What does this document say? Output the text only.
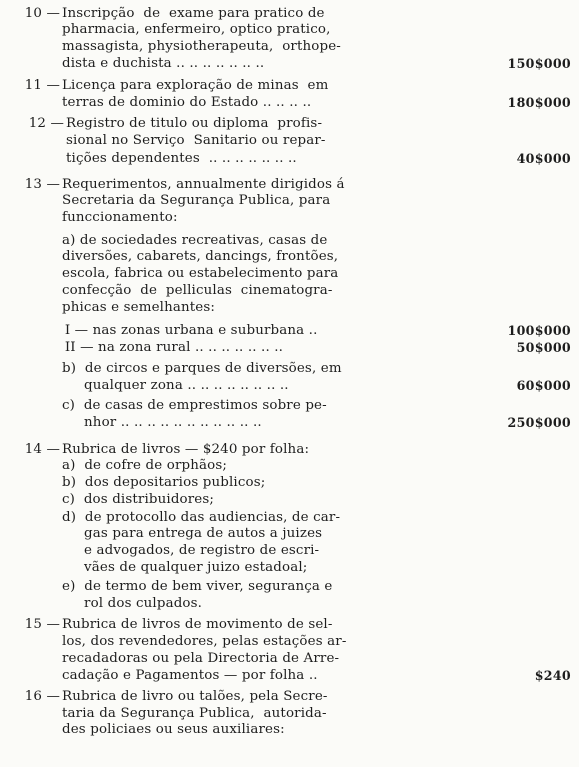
10 — Inscripção  de  exame para pratico de
pharmacia, enfermeiro, optico pratico,
massagista, physiotherapeuta,  orthope-
dista e duchista .. .. .. .. .. .. ..	150$000
11 — Licença para exploração de minas  em
terras de dominio do Estado .. .. .. ..	180$000
12 — Registro de titulo ou diploma  profis-
sional no Serviço  Sanitario ou repar-
tições dependentes  .. .. .. .. .. .. ..	40$000
13 — Requerimentos, annualmente dirigidos á
Secretaria da Segurança Publica, para
funccionamento:
a) de sociedades recreativas, casas de
diversões, cabarets, dancings, frontões,
escola, fabrica ou estabelecimento para
confecção  de  pelliculas  cinematogra-
phicas e semelhantes:
I — nas zonas urbana e suburbana ..	100$000
II — na zona rural .. .. .. .. .. .. ..	50$000
b)  de circos e parques de diversões, em
qualquer zona .. .. .. .. .. .. .. ..	60$000
c)  de casas de emprestimos sobre pe-
nhor .. .. .. .. .. .. .. .. .. .. ..	250$000
14 — Rubrica de livros — $240 por folha:
a)  de cofre de orphãos;
b)  dos depositarios publicos;
c)  dos distribuidores;
d)  de protocollo das audiencias, de car-
gas para entrega de autos a juizes
e advogados, de registro de escri-
vães de qualquer juizo estadoal;
e)  de termo de bem viver, segurança e
rol dos culpados.
15 — Rubrica de livros de movimento de sel-
los, dos revendedores, pelas estações ar-
recadadoras ou pela Directoria de Arre-
cadação e Pagamentos — por folha ..	$240
16 — Rubrica de livro ou talões, pela Secre-
taria da Segurança Publica,  autorida-
des policiaes ou seus auxiliares:
